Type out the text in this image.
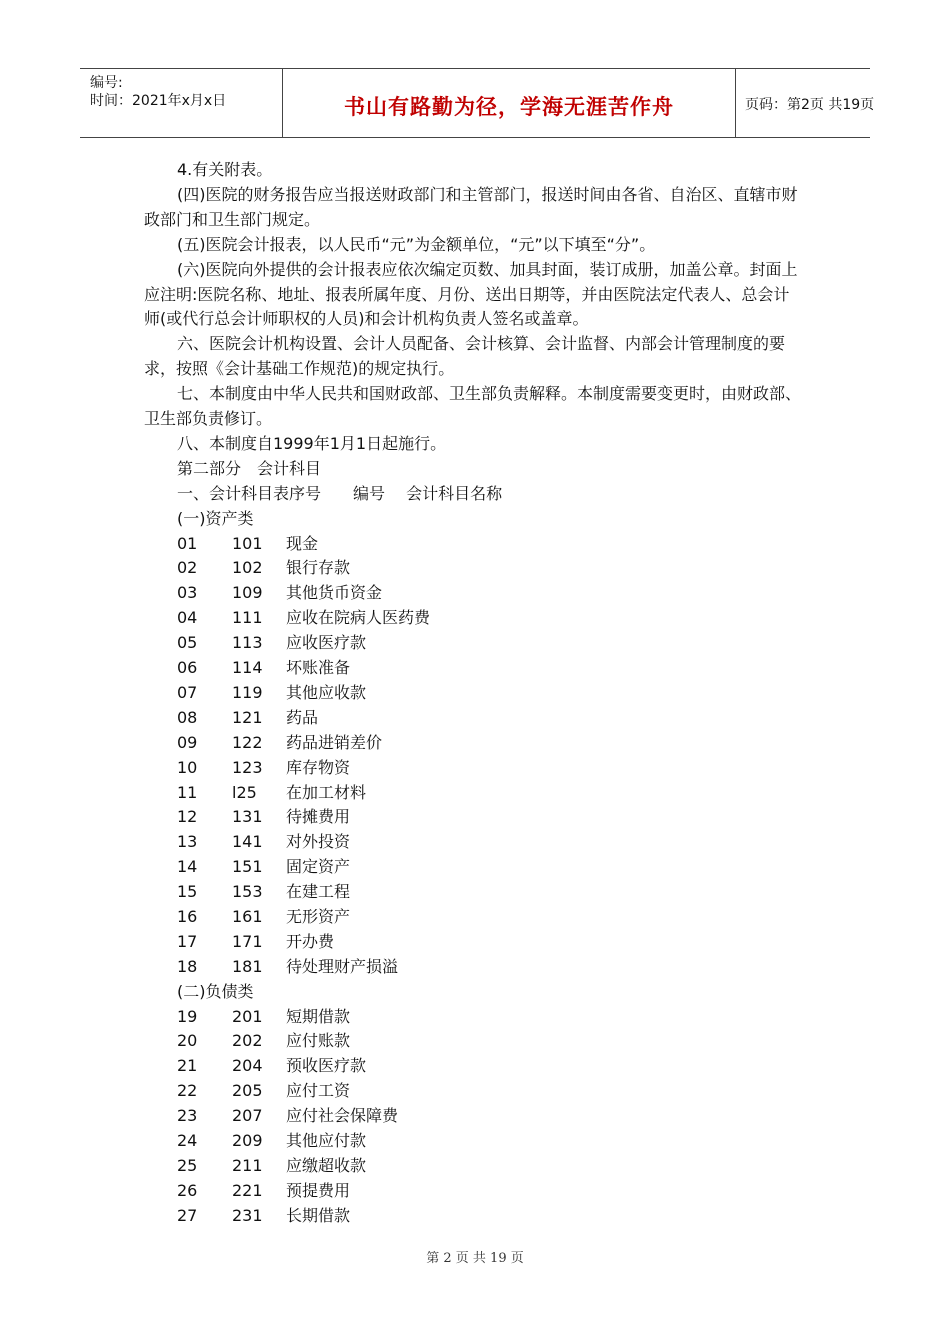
编号:
时间：2021年x月x日	书山有路勤为径，学海无涯苦作舟	页码：第2页 共19页

4.有关附表。

(四)医院的财务报告应当报送财政部门和主管部门，报送时间由各省、自治区、直辖市财政部门和卫生部门规定。

(五)医院会计报表，以人民币“元”为金额单位，“元”以下填至“分”。

(六)医院向外提供的会计报表应依次编定页数、加具封面，装订成册，加盖公章。封面上应注明:医院名称、地址、报表所属年度、月份、送出日期等，并由医院法定代表人、总会计师(或代行总会计师职权的人员)和会计机构负责人签名或盖章。

六、医院会计机构设置、会计人员配备、会计核算、会计监督、内部会计管理制度的要求，按照《会计基础工作规范)的规定执行。

七、本制度由中华人民共和国财政部、卫生部负责解释。本制度需要变更时，由财政部、卫生部负责修订。

八、本制度自1999年1月1日起施行。

第二部分　会计科目

一、会计科目表序号　　编号　 会计科目名称

(一)资产类

01 101 现金
02 102 银行存款
03 109 其他货币资金
04 111 应收在院病人医药费
05 113 应收医疗款
06 114 坏账准备
07 119 其他应收款
08 121 药品
09 122 药品进销差价
10 123 库存物资
11 l25 在加工材料
12 131 待摊费用
13 141 对外投资
14 151 固定资产
15 153 在建工程
16 161 无形资产
17 171 开办费
18 181 待处理财产损溢

(二)负债类

19 201 短期借款
20 202 应付账款
21 204 预收医疗款
22 205 应付工资
23 207 应付社会保障费
24 209 其他应付款
25 211 应缴超收款
26 221 预提费用
27 231 长期借款
第 2 页 共 19 页
